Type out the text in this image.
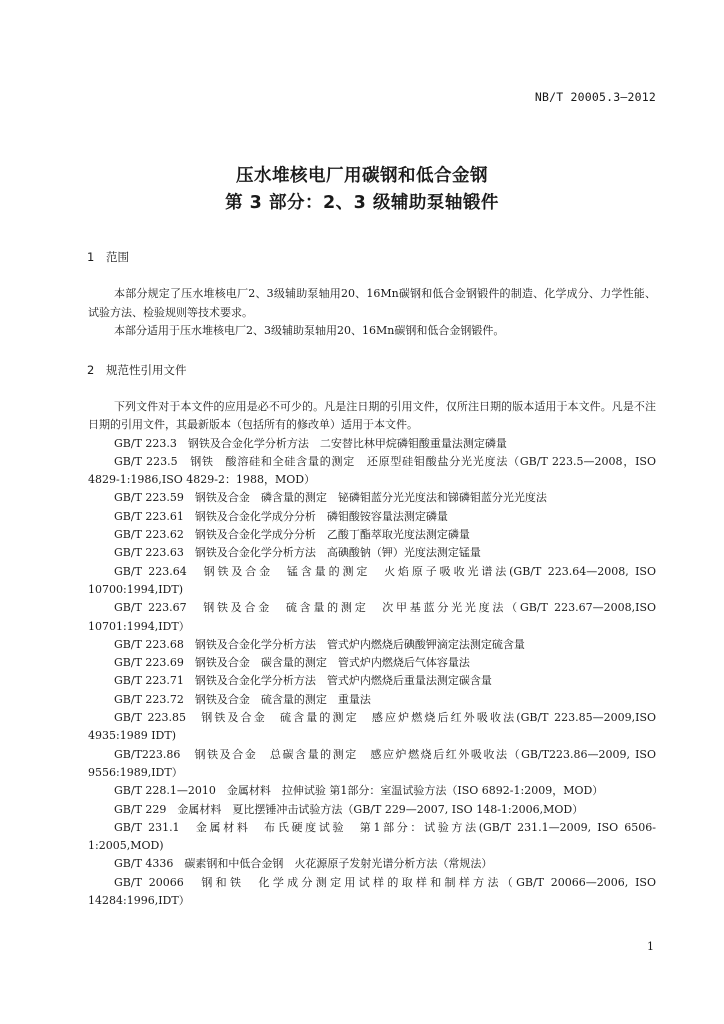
NB/T 20005.3—2012
压水堆核电厂用碳钢和低合金钢
第 3 部分：2、3 级辅助泵轴锻件
1 范围

本部分规定了压水堆核电厂2、3级辅助泵轴用20、16Mn碳钢和低合金钢锻件的制造、化学成分、力学性能、试验方法、检验规则等技术要求。

本部分适用于压水堆核电厂2、3级辅助泵轴用20、16Mn碳钢和低合金钢锻件。

2 规范性引用文件

下列文件对于本文件的应用是必不可少的。凡是注日期的引用文件，仅所注日期的版本适用于本文件。凡是不注日期的引用文件，其最新版本（包括所有的修改单）适用于本文件。

GB/T 223.3　钢铁及合金化学分析方法　二安替比林甲烷磷钼酸重量法测定磷量

GB/T 223.5　钢铁　酸溶硅和全硅含量的测定　还原型硅钼酸盐分光光度法（GB/T 223.5—2008，ISO 4829-1:1986,ISO 4829-2：1988，MOD）

GB/T 223.59　钢铁及合金　磷含量的测定　铋磷钼蓝分光光度法和锑磷钼蓝分光光度法

GB/T 223.61　钢铁及合金化学成分分析　磷钼酸铵容量法测定磷量

GB/T 223.62　钢铁及合金化学成分分析　乙酸丁酯萃取光度法测定磷量

GB/T 223.63　钢铁及合金化学分析方法　高碘酸钠（钾）光度法测定锰量

GB/T 223.64　钢铁及合金　锰含量的测定　火焰原子吸收光谱法(GB/T 223.64—2008, ISO 10700:1994,IDT)

GB/T 223.67　钢铁及合金　硫含量的测定　次甲基蓝分光光度法（GB/T 223.67—2008,ISO 10701:1994,IDT）

GB/T 223.68　钢铁及合金化学分析方法　管式炉内燃烧后碘酸钾滴定法测定硫含量

GB/T 223.69　钢铁及合金　碳含量的测定　管式炉内燃烧后气体容量法

GB/T 223.71　钢铁及合金化学分析方法　管式炉内燃烧后重量法测定碳含量

GB/T 223.72　钢铁及合金　硫含量的测定　重量法

GB/T 223.85　钢铁及合金　硫含量的测定　感应炉燃烧后红外吸收法(GB/T 223.85—2009,ISO 4935:1989 IDT)

GB/T223.86　钢铁及合金　总碳含量的测定　感应炉燃烧后红外吸收法（GB/T223.86—2009, ISO 9556:1989,IDT）

GB/T 228.1—2010　金属材料　拉伸试验 第1部分：室温试验方法（ISO 6892-1:2009，MOD）

GB/T 229　金属材料　夏比摆锤冲击试验方法（GB/T 229—2007, ISO 148-1:2006,MOD）

GB/T 231.1　金属材料　布氏硬度试验　第1部分：试验方法(GB/T 231.1—2009, ISO 6506-1:2005,MOD)

GB/T 4336　碳素钢和中低合金钢　火花源原子发射光谱分析方法（常规法）

GB/T 20066　钢和铁　化学成分测定用试样的取样和制样方法（GB/T 20066—2006, ISO 14284:1996,IDT）

1
